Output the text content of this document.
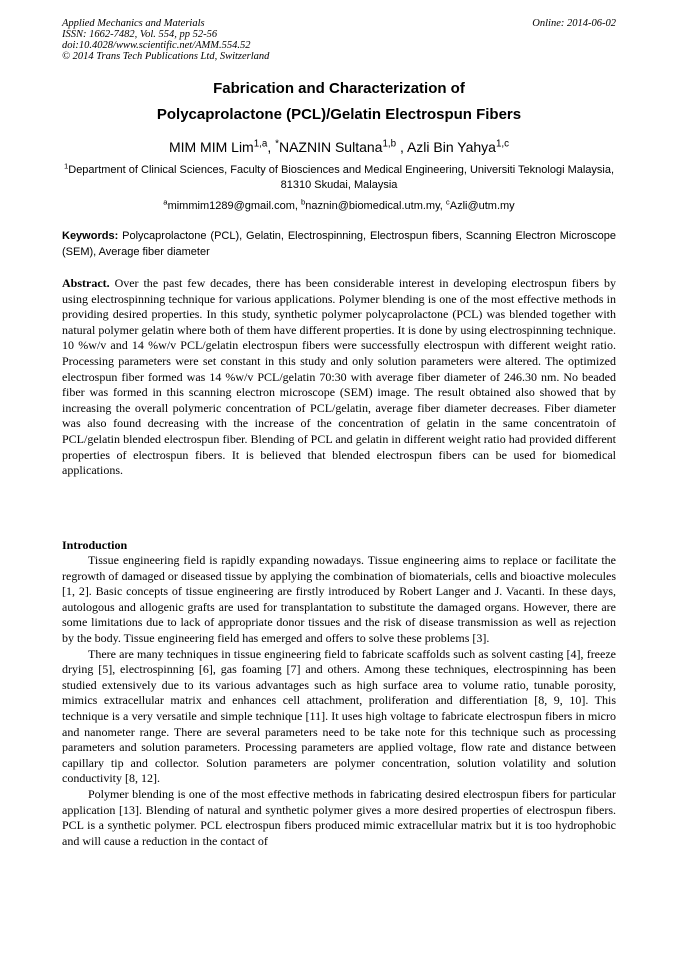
Applied Mechanics and Materials
ISSN: 1662-7482, Vol. 554, pp 52-56
doi:10.4028/www.scientific.net/AMM.554.52
© 2014 Trans Tech Publications Ltd, Switzerland
Online: 2014-06-02
Fabrication and Characterization of
Polycaprolactone (PCL)/Gelatin Electrospun Fibers
MIM MIM Lim$^{1,a}$, *NAZNIN Sultana$^{1,b}$ , Azli Bin Yahya$^{1,c}$
$^1$Department of Clinical Sciences, Faculty of Biosciences and Medical Engineering, Universiti Teknologi Malaysia, 81310 Skudai, Malaysia
$^a$mimmim1289@gmail.com, $^b$naznin@biomedical.utm.my, $^c$Azli@utm.my
Keywords: Polycaprolactone (PCL), Gelatin, Electrospinning, Electrospun fibers, Scanning Electron Microscope (SEM), Average fiber diameter
Abstract. Over the past few decades, there has been considerable interest in developing electrospun fibers by using electrospinning technique for various applications. Polymer blending is one of the most effective methods in providing desired properties. In this study, synthetic polymer polycaprolactone (PCL) was blended together with natural polymer gelatin where both of them have different properties. It is done by using electrospinning technique. 10 %w/v and 14 %w/v PCL/gelatin electrospun fibers were successfully electrospun with different weight ratio. Processing parameters were set constant in this study and only solution parameters were altered. The optimized electrospun fiber formed was 14 %w/v PCL/gelatin 70:30 with average fiber diameter of 246.30 nm. No beaded fiber was formed in this scanning electron microscope (SEM) image. The result obtained also showed that by increasing the overall polymeric concentration of PCL/gelatin, average fiber diameter decreases. Fiber diameter was also found decreasing with the increase of the concentration of gelatin in the same concentratoin of PCL/gelatin blended electrospun fiber. Blending of PCL and gelatin in different weight ratio had provided different properties of electrospun fibers. It is believed that blended electrospun fibers can be used for biomedical applications.
Introduction

Tissue engineering field is rapidly expanding nowadays. Tissue engineering aims to replace or facilitate the regrowth of damaged or diseased tissue by applying the combination of biomaterials, cells and bioactive molecules [1, 2]. Basic concepts of tissue engineering are firstly introduced by Robert Langer and J. Vacanti. In these days, autologous and allogenic grafts are used for transplantation to substitute the damaged organs. However, there are some limitations due to lack of appropriate donor tissues and the risk of disease transmission as well as rejection by the body. Tissue engineering field has emerged and offers to solve these problems [3].

There are many techniques in tissue engineering field to fabricate scaffolds such as solvent casting [4], freeze drying [5], electrospinning [6], gas foaming [7] and others. Among these techniques, electrospinning has been studied extensively due to its various advantages such as high surface area to volume ratio, tunable porosity, mimics extracellular matrix and enhances cell attachment, proliferation and differentiation [8, 9, 10]. This technique is a very versatile and simple technique [11]. It uses high voltage to fabricate electrospun fibers in micro and nanometer range. There are several parameters need to be take note for this technique such as processing parameters and solution parameters. Processing parameters are applied voltage, flow rate and distance between capillary tip and collector. Solution parameters are polymer concentration, solution volatility and solution conductivity [8, 12].

Polymer blending is one of the most effective methods in fabricating desired electrospun fibers for particular application [13]. Blending of natural and synthetic polymer gives a more desired properties of electrospun fibers. PCL is a synthetic polymer. PCL electrospun fibers produced mimic extracellular matrix but it is too hydrophobic and will cause a reduction in the contact of
